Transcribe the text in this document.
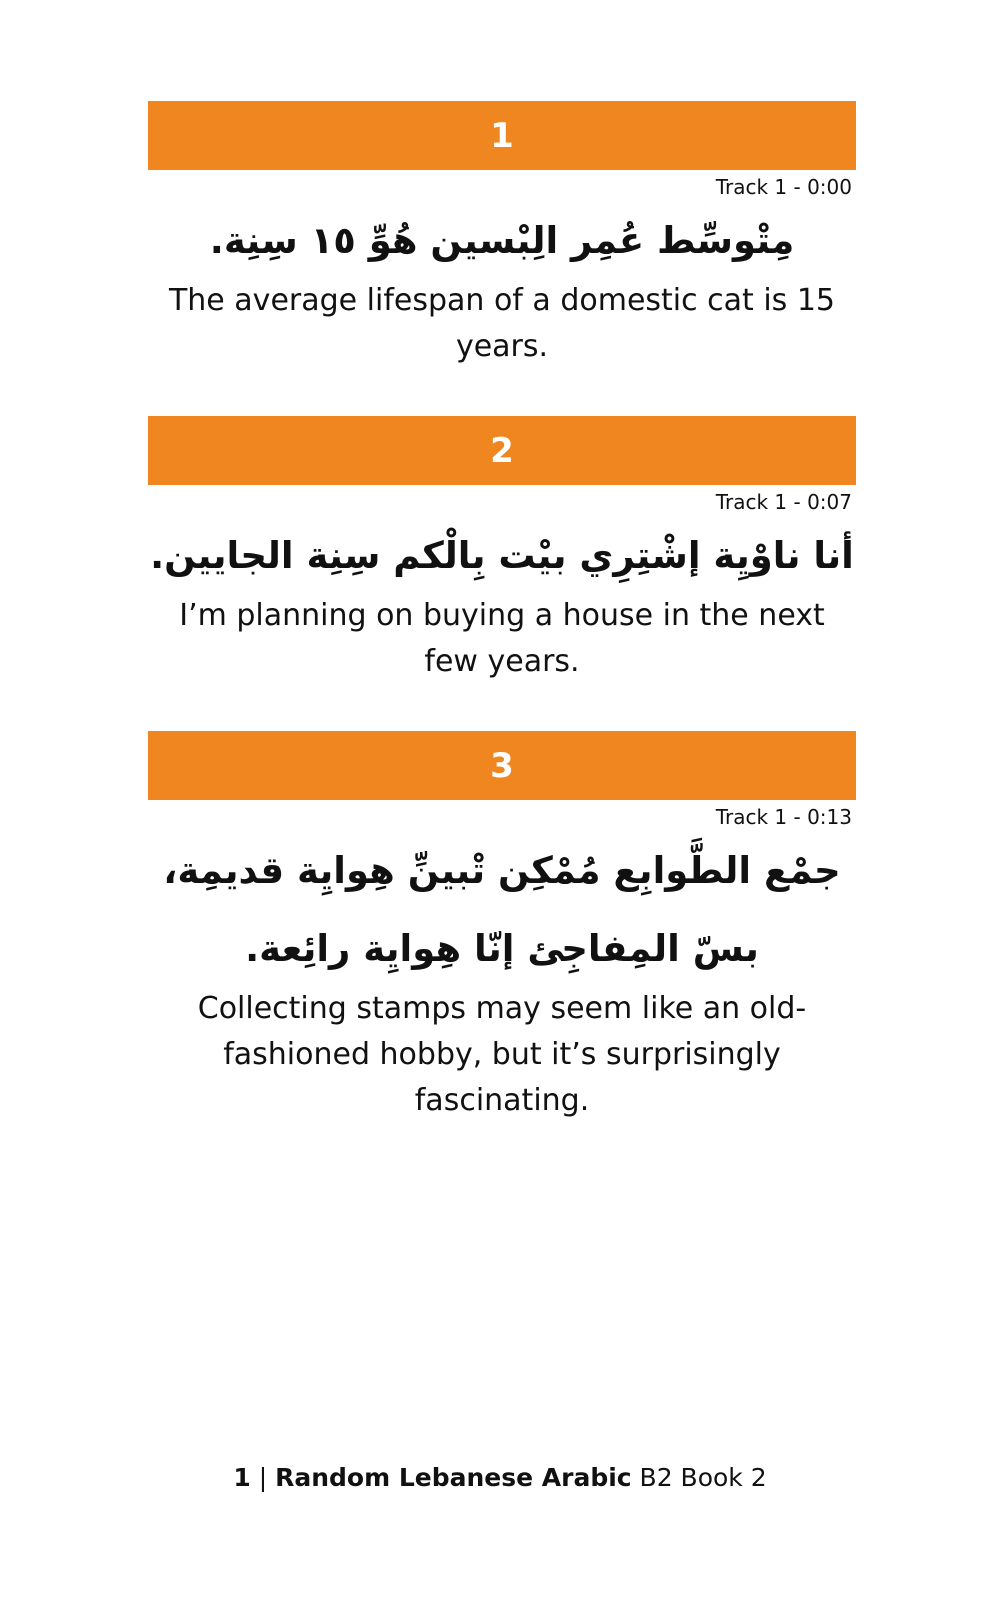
1
Track 1 - 0:00
مِتْوسِّط عُمِر الِبْسين هُوِّ ١٥ سِنِة.
The average lifespan of a domestic cat is 15 years.
2
Track 1 - 0:07
أنا ناوْيِة إشْتِرِي بيْت بِالْكم سِنِة الجايين.
I’m planning on buying a house in the next few years.
3
Track 1 - 0:13
جمْع الطَّوابِع مُمْكِن تْبينِّ هِوايِة قديمِة، بسّ المِفاجِئ إنّا هِوايِة رائِعة.
Collecting stamps may seem like an old-fashioned hobby, but it’s surprisingly fascinating.
1 | Random Lebanese Arabic B2 Book 2
